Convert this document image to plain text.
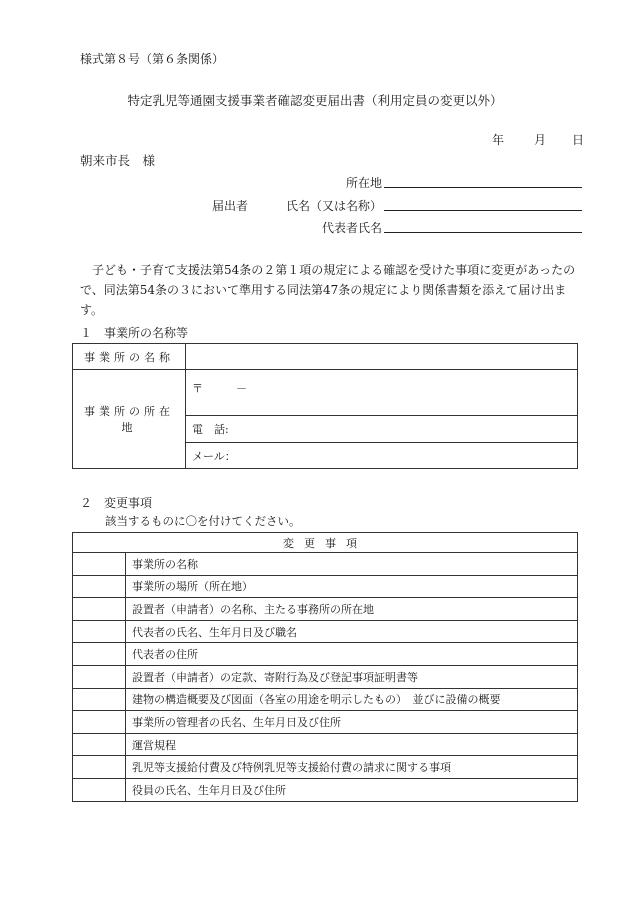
様式第８号（第６条関係）
特定乳児等通園支援事業者確認変更届出書（利用定員の変更以外）
年 月 日
朝来市長　様
所在地
届出者	氏名（又は名称）
代表者氏名
子ども・子育て支援法第54条の２第１項の規定による確認を受けた事項に変更があったので、同法第54条の３において準用する同法第47条の規定により関係書類を添えて届け出ます。
１　事業所の名称等
事業所の名称	
事業所の所在地	〒　　　－
	電　話:
	メール：
２　変更事項
該当するものに〇を付けてください。
変更事項	
	事業所の名称
	事業所の場所（所在地）
	設置者（申請者）の名称、主たる事務所の所在地
	代表者の氏名、生年月日及び職名
	代表者の住所
	設置者（申請者）の定款、寄附行為及び登記事項証明書等
	建物の構造概要及び図面（各室の用途を明示したもの）　並びに設備の概要
	事業所の管理者の氏名、生年月日及び住所
	運営規程
	乳児等支援給付費及び特例乳児等支援給付費の請求に関する事項
	役員の氏名、生年月日及び住所
